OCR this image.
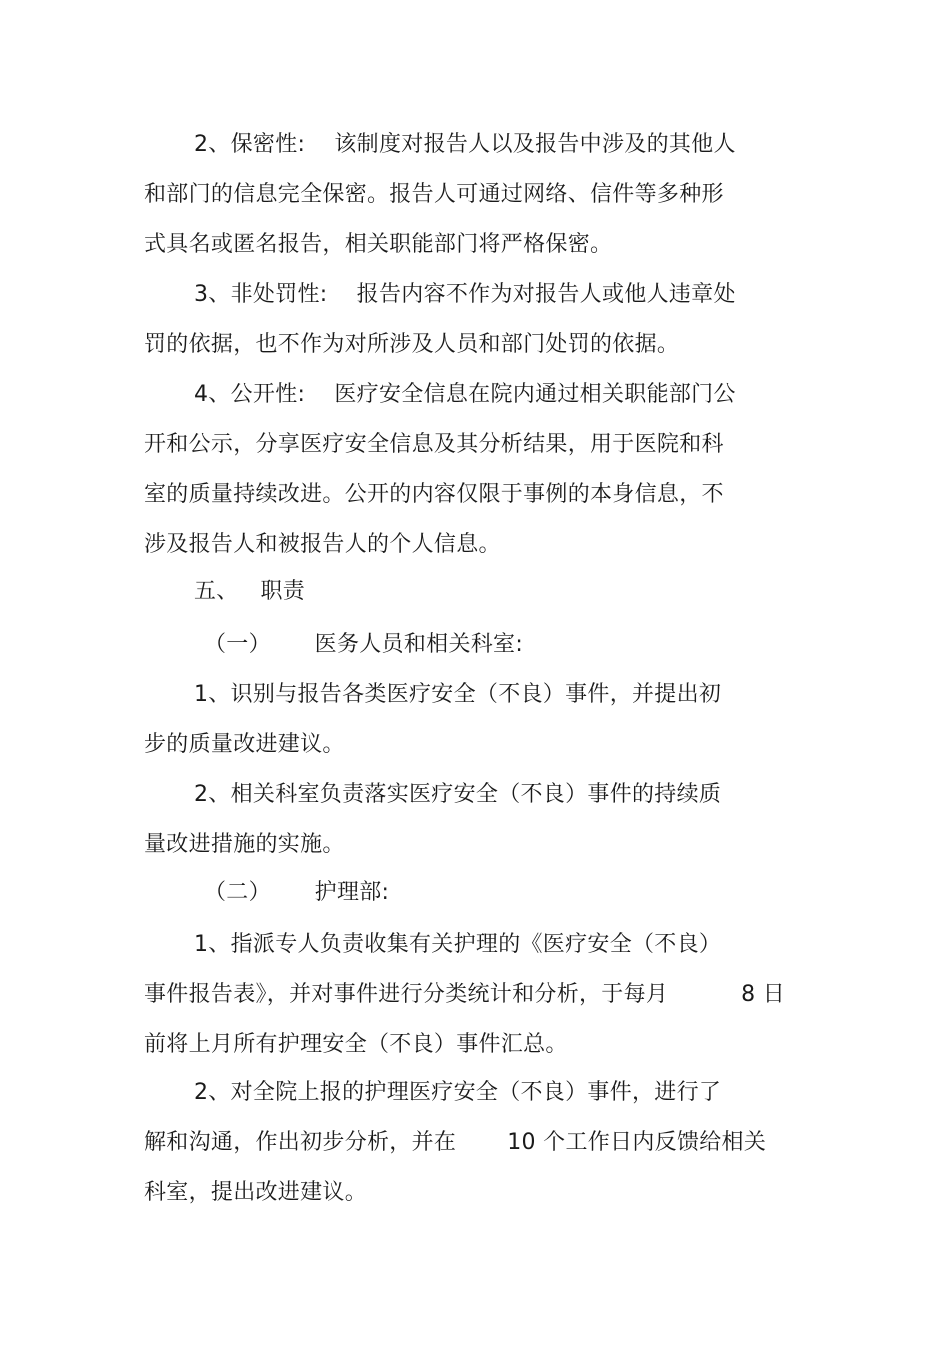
2、保密性:    该制度对报告人以及报告中涉及的其他人
和部门的信息完全保密。报告人可通过网络、信件等多种形
式具名或匿名报告，相关职能部门将严格保密。
3、非处罚性:    报告内容不作为对报告人或他人违章处
罚的依据，也不作为对所涉及人员和部门处罚的依据。
4、公开性:    医疗安全信息在院内通过相关职能部门公
开和公示，分享医疗安全信息及其分析结果，用于医院和科
室的质量持续改进。公开的内容仅限于事例的本身信息，不
涉及报告人和被报告人的个人信息。
五、   职责
（一）      医务人员和相关科室:
1、识别与报告各类医疗安全（不良）事件，并提出初
步的质量改进建议。
2、相关科室负责落实医疗安全（不良）事件的持续质
量改进措施的实施。
（二）      护理部:
1、指派专人负责收集有关护理的《医疗安全（不良）
事件报告表》，并对事件进行分类统计和分析，于每月          8 日
前将上月所有护理安全（不良）事件汇总。
2、对全院上报的护理医疗安全（不良）事件，进行了
解和沟通，作出初步分析，并在       10 个工作日内反馈给相关
科室，提出改进建议。
